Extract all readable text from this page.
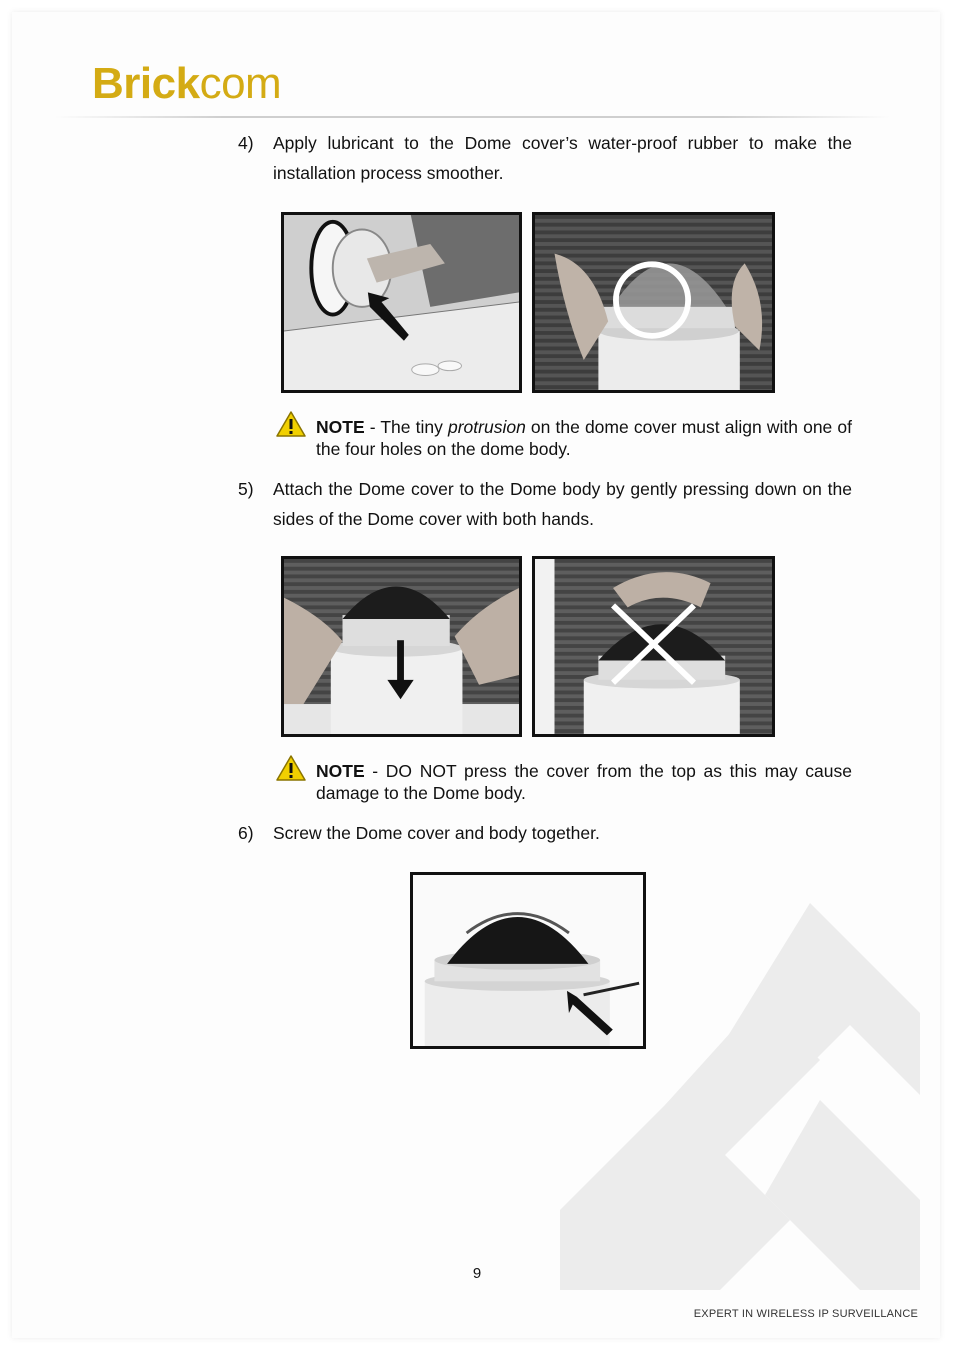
Brickcom
4) Apply lubricant to the Dome cover’s water-proof rubber to make the installation process smoother.
NOTE - The tiny protrusion on the dome cover must align with one of the four holes on the dome body.
5) Attach the Dome cover to the Dome body by gently pressing down on the sides of the Dome cover with both hands.
NOTE - DO NOT press the cover from the top as this may cause damage to the Dome body.
6) Screw the Dome cover and body together.
9
EXPERT IN WIRELESS IP SURVEILLANCE
